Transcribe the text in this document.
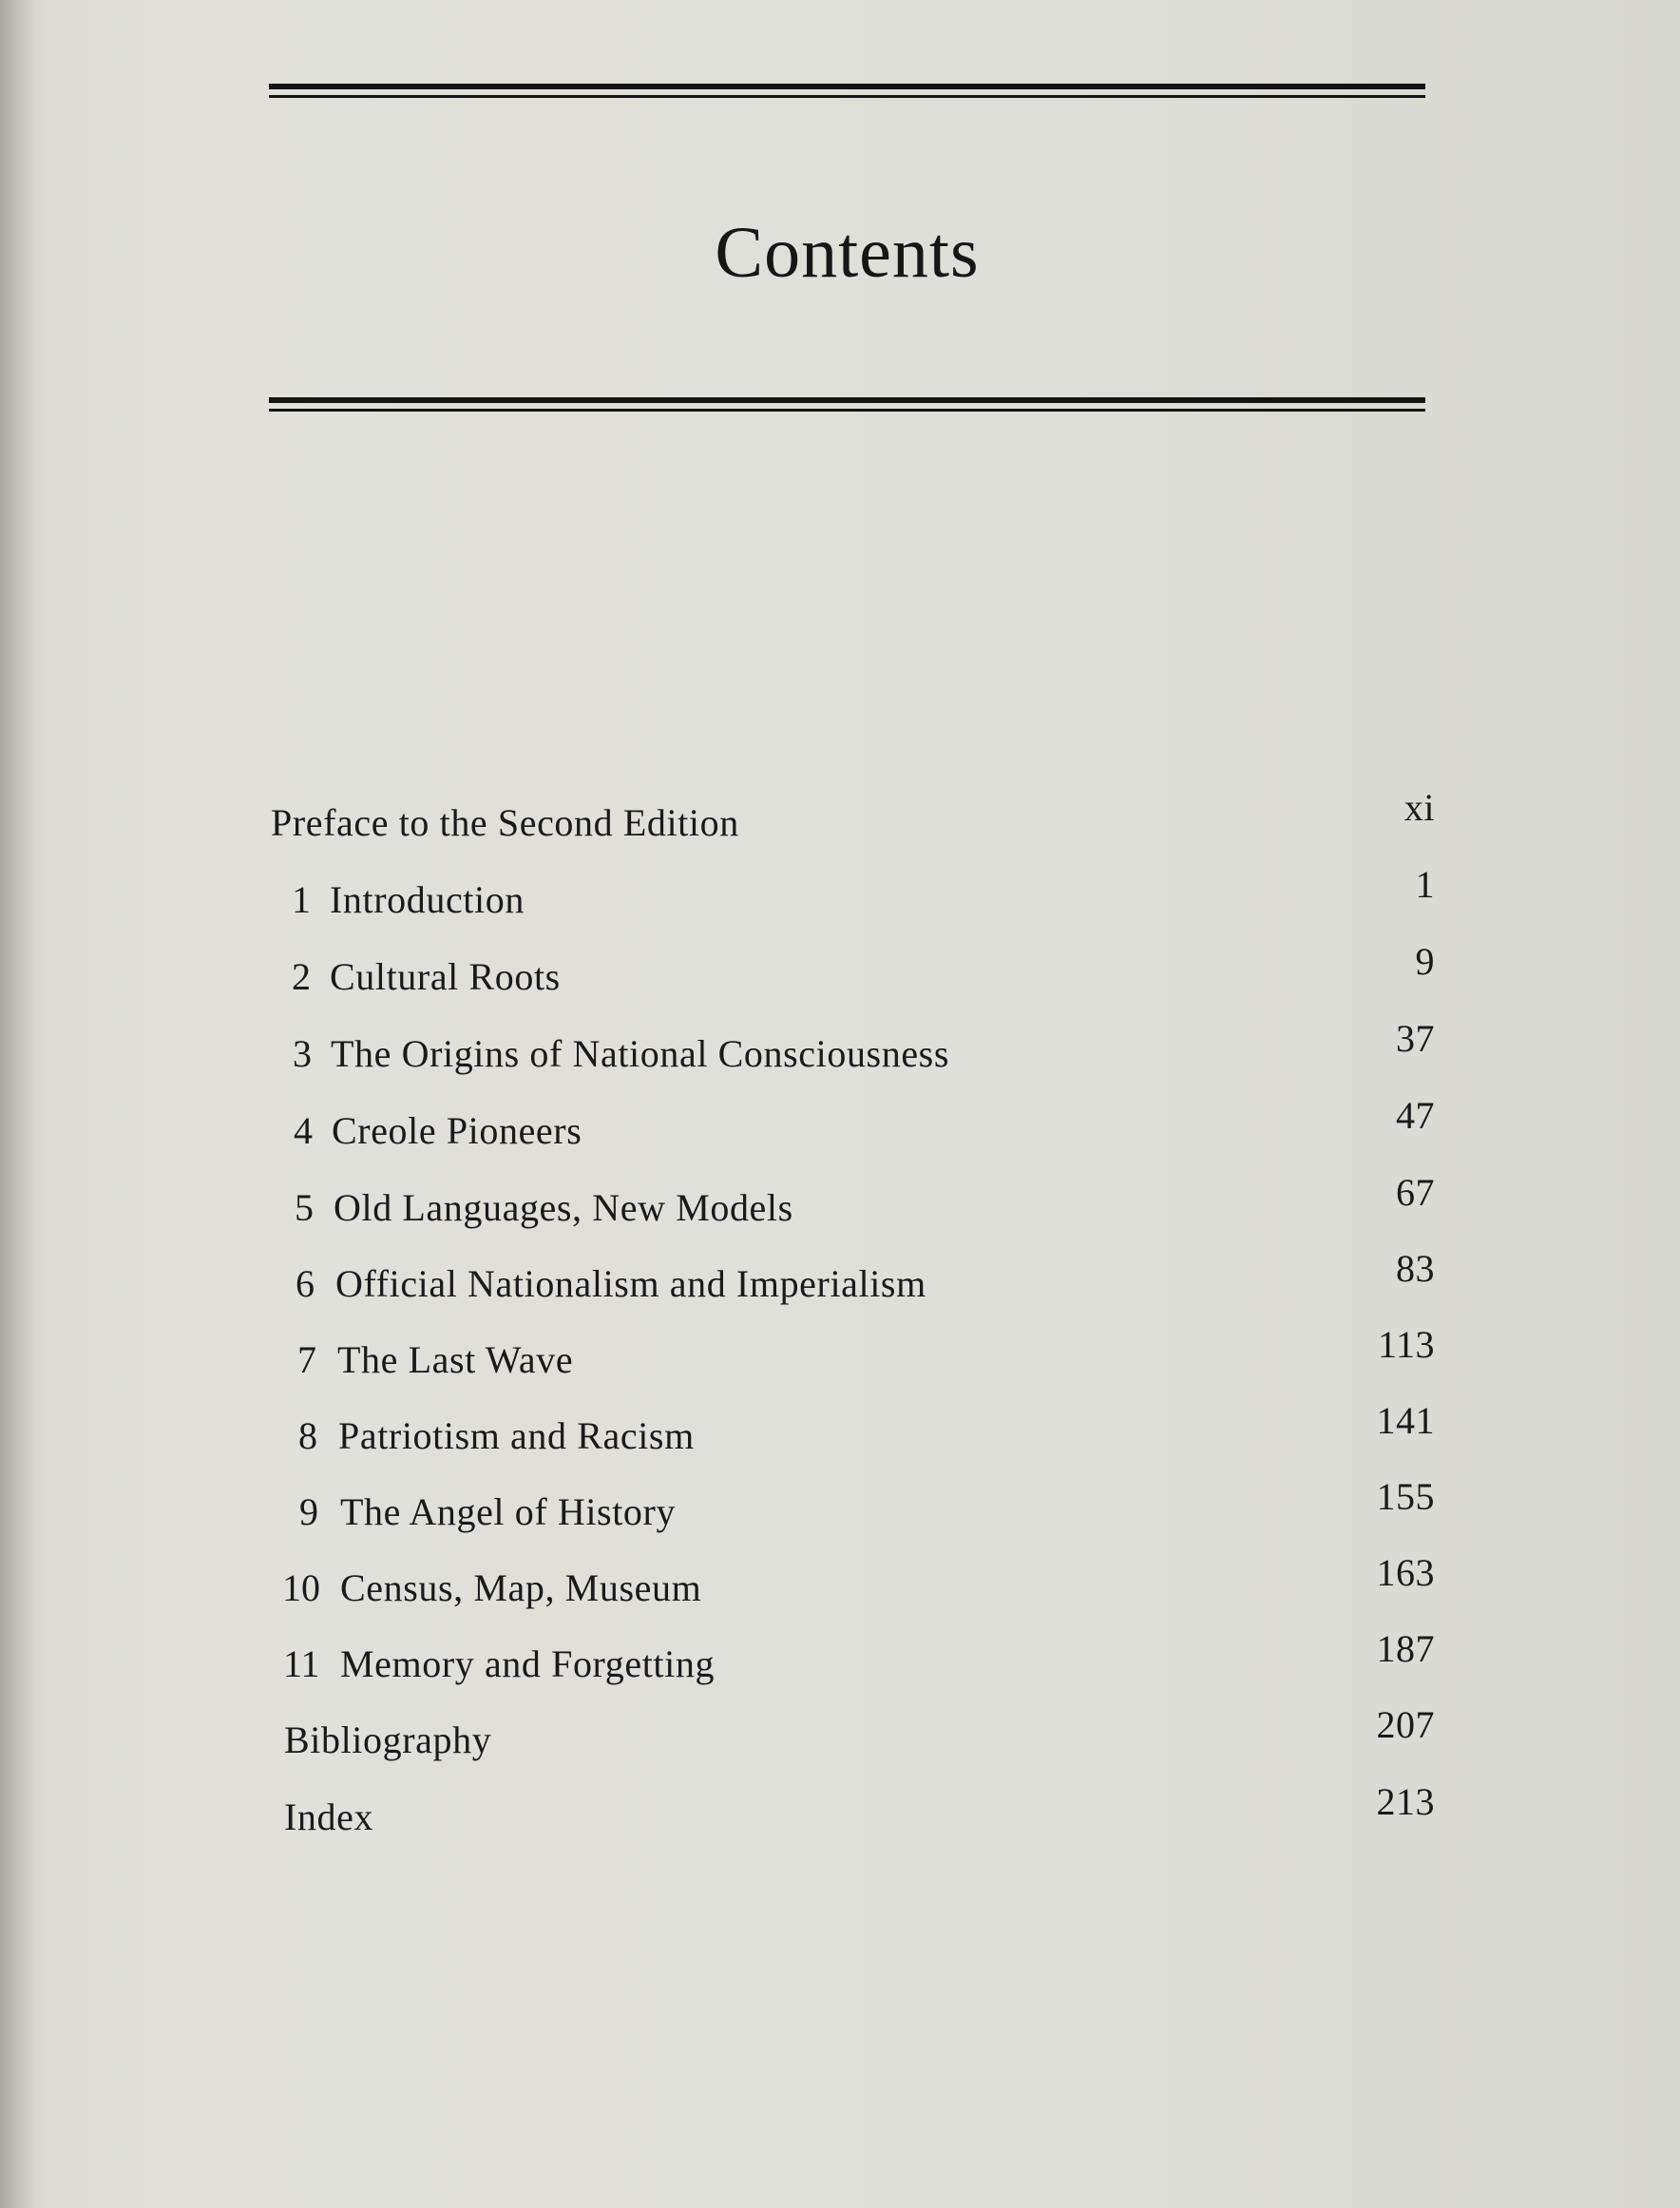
Contents
Preface to the Second Edition	xi
1 Introduction	1
2 Cultural Roots	9
3 The Origins of National Consciousness	37
4 Creole Pioneers	47
5 Old Languages, New Models	67
6 Official Nationalism and Imperialism	83
7 The Last Wave	113
8 Patriotism and Racism	141
9 The Angel of History	155
10 Census, Map, Museum	163
11 Memory and Forgetting	187
Bibliography	207
Index	213
